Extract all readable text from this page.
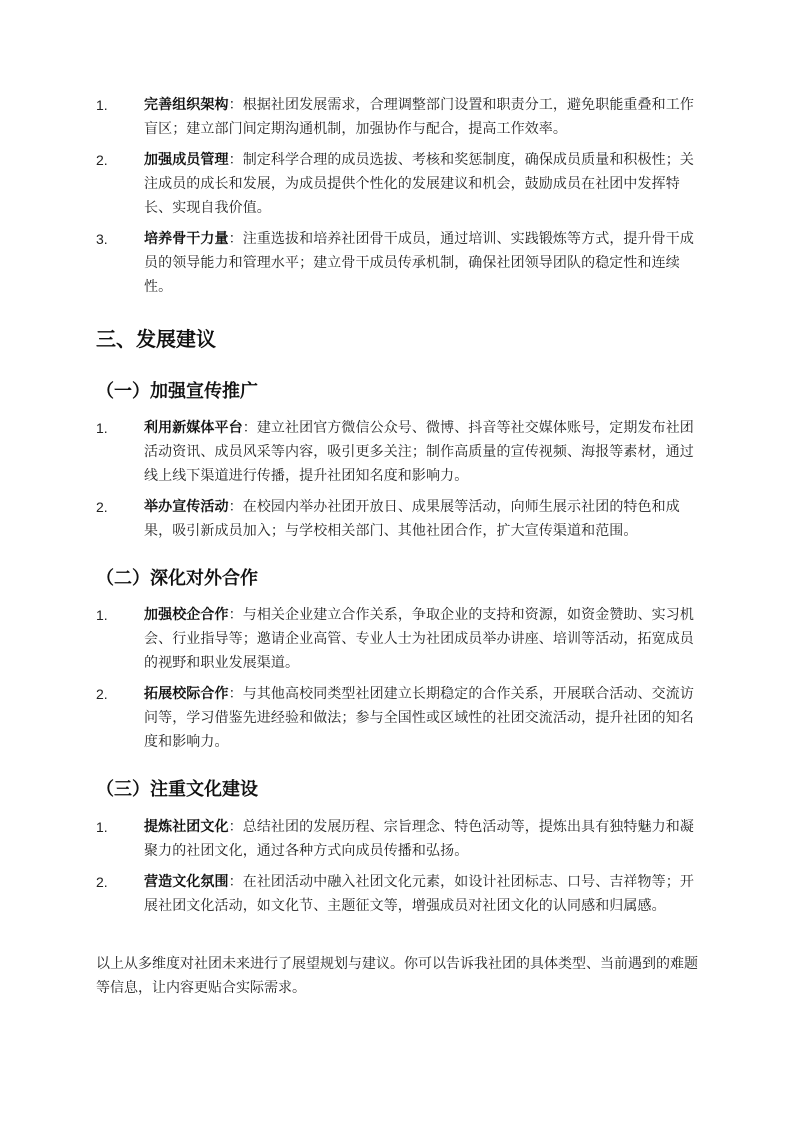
1.	完善组织架构：根据社团发展需求，合理调整部门设置和职责分工，避免职能重叠和工作盲区；建立部门间定期沟通机制，加强协作与配合，提高工作效率。
2.	加强成员管理：制定科学合理的成员选拔、考核和奖惩制度，确保成员质量和积极性；关注成员的成长和发展，为成员提供个性化的发展建议和机会，鼓励成员在社团中发挥特长、实现自我价值。
3.	培养骨干力量：注重选拔和培养社团骨干成员，通过培训、实践锻炼等方式，提升骨干成员的领导能力和管理水平；建立骨干成员传承机制，确保社团领导团队的稳定性和连续性。
三、发展建议
（一）加强宣传推广
1.	利用新媒体平台：建立社团官方微信公众号、微博、抖音等社交媒体账号，定期发布社团活动资讯、成员风采等内容，吸引更多关注；制作高质量的宣传视频、海报等素材，通过线上线下渠道进行传播，提升社团知名度和影响力。
2.	举办宣传活动：在校园内举办社团开放日、成果展等活动，向师生展示社团的特色和成果，吸引新成员加入；与学校相关部门、其他社团合作，扩大宣传渠道和范围。
（二）深化对外合作
1.	加强校企合作：与相关企业建立合作关系，争取企业的支持和资源，如资金赞助、实习机会、行业指导等；邀请企业高管、专业人士为社团成员举办讲座、培训等活动，拓宽成员的视野和职业发展渠道。
2.	拓展校际合作：与其他高校同类型社团建立长期稳定的合作关系，开展联合活动、交流访问等，学习借鉴先进经验和做法；参与全国性或区域性的社团交流活动，提升社团的知名度和影响力。
（三）注重文化建设
1.	提炼社团文化：总结社团的发展历程、宗旨理念、特色活动等，提炼出具有独特魅力和凝聚力的社团文化，通过各种方式向成员传播和弘扬。
2.	营造文化氛围：在社团活动中融入社团文化元素，如设计社团标志、口号、吉祥物等；开展社团文化活动，如文化节、主题征文等，增强成员对社团文化的认同感和归属感。

以上从多维度对社团未来进行了展望规划与建议。你可以告诉我社团的具体类型、当前遇到的难题等信息，让内容更贴合实际需求。
